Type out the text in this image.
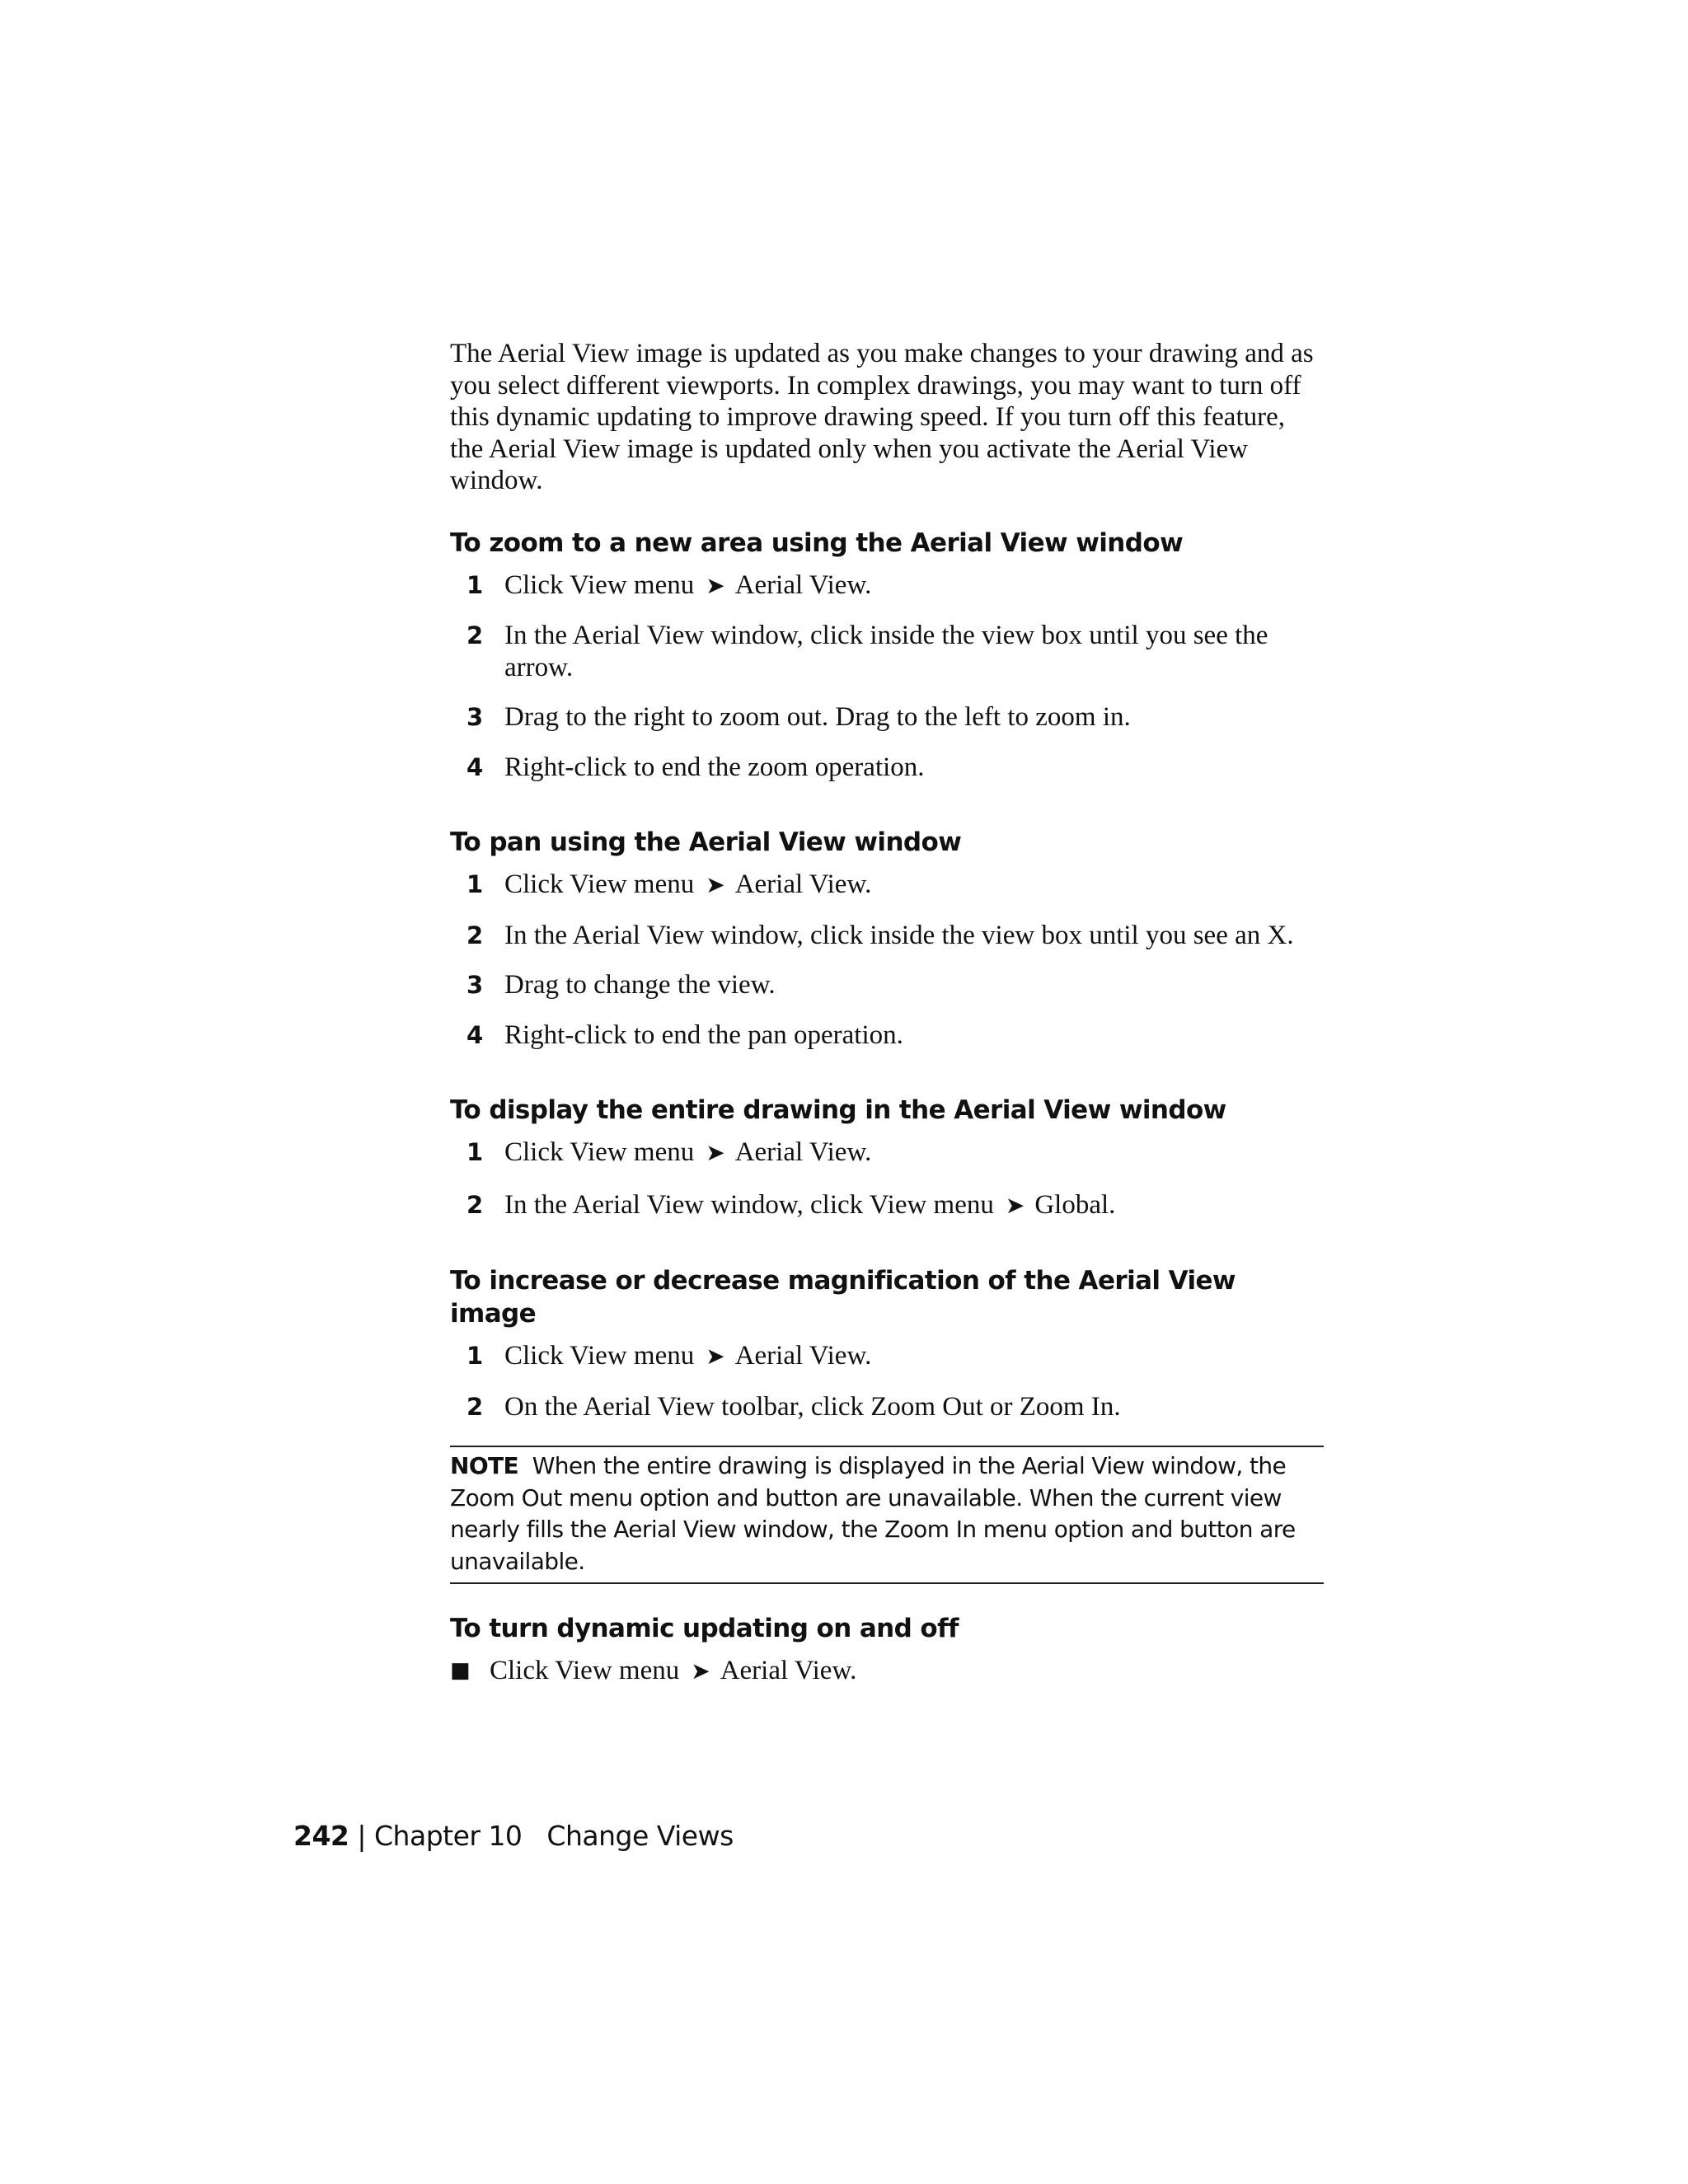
The Aerial View image is updated as you make changes to your drawing and as you select different viewports. In complex drawings, you may want to turn off this dynamic updating to improve drawing speed. If you turn off this feature, the Aerial View image is updated only when you activate the Aerial View window.

To zoom to a new area using the Aerial View window
1 Click View menu ➤ Aerial View.
2 In the Aerial View window, click inside the view box until you see the arrow.
3 Drag to the right to zoom out. Drag to the left to zoom in.
4 Right-click to end the zoom operation.
To pan using the Aerial View window
1 Click View menu ➤ Aerial View.
2 In the Aerial View window, click inside the view box until you see an X.
3 Drag to change the view.
4 Right-click to end the pan operation.
To display the entire drawing in the Aerial View window
1 Click View menu ➤ Aerial View.
2 In the Aerial View window, click View menu ➤ Global.
To increase or decrease magnification of the Aerial View image
1 Click View menu ➤ Aerial View.
2 On the Aerial View toolbar, click Zoom Out or Zoom In.
NOTE When the entire drawing is displayed in the Aerial View window, the Zoom Out menu option and button are unavailable. When the current view nearly fills the Aerial View window, the Zoom In menu option and button are unavailable.
To turn dynamic updating on and off
■ Click View menu ➤ Aerial View.
242 | Chapter 10 Change Views
